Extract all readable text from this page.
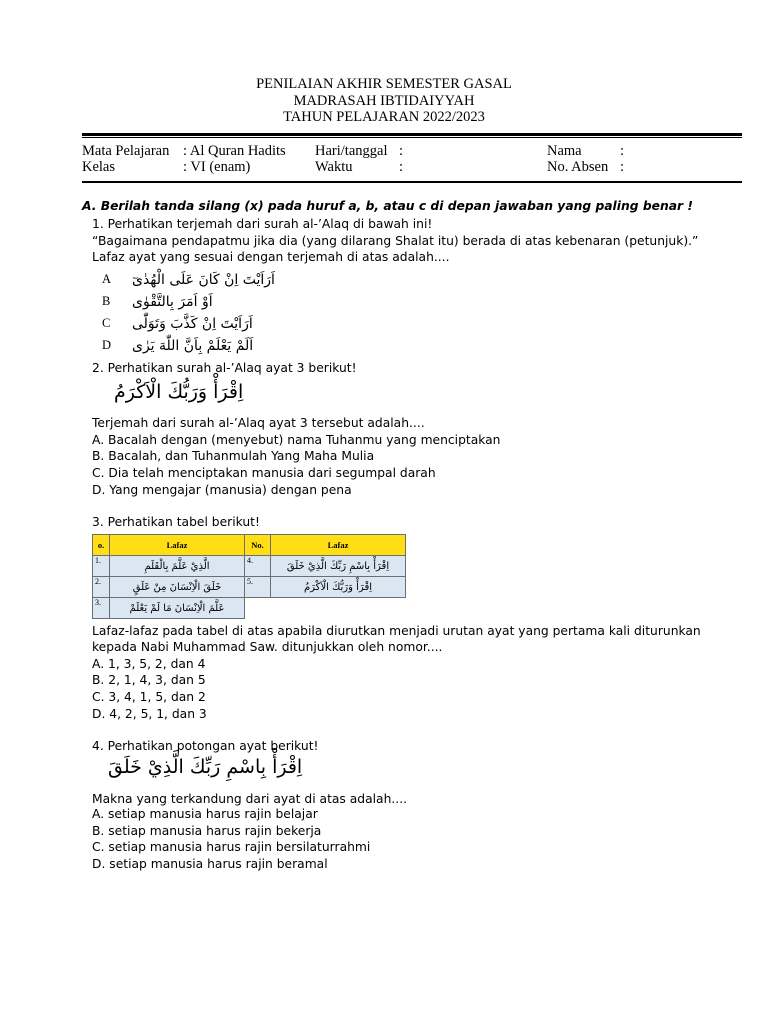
PENILAIAN AKHIR SEMESTER GASAL
MADRASAH IBTIDAIYYAH
TAHUN PELAJARAN 2022/2023
Mata Pelajaran : Al Quran Hadits Hari/tanggal :	Nama	:
Kelas	: VI (enam)	Waktu	:	No. Absen :
A. Berilah tanda silang (x) pada huruf a, b, atau c di depan jawaban yang paling benar !
1. Perhatikan terjemah dari surah al-’Alaq di bawah ini!
“Bagaimana pendapatmu jika dia (yang dilarang Shalat itu) berada di atas kebenaran (petunjuk).”
Lafaz ayat yang sesuai dengan terjemah di atas adalah....
A اَرَاَيْتَ اِنْ كَانَ عَلَى الْهُدٰىٓ
B اَوْ اَمَرَ بِالتَّقْوٰى
C اَرَاَيْتَ اِنْ كَذَّبَ وَتَوَلّٰى
D اَلَمْ يَعْلَمْ بِاَنَّ اللّٰهَ يَرٰى
2. Perhatikan surah al-’Alaq ayat 3 berikut!
اِقْرَأْ وَرَبُّكَ الْاَكْرَمُ
Terjemah dari surah al-’Alaq ayat 3 tersebut adalah....
A. Bacalah dengan (menyebut) nama Tuhanmu yang menciptakan
B. Bacalah, dan Tuhanmulah Yang Maha Mulia
C. Dia telah menciptakan manusia dari segumpal darah
D. Yang mengajar (manusia) dengan pena
3. Perhatikan tabel berikut!
o.	Lafaz	No.	Lafaz
1.	الَّذِيْ عَلَّمَ بِالْقَلَمِ	4.	اِقْرَأْ بِاسْمِ رَبِّكَ الَّذِيْ خَلَقَ
2.	خَلَقَ الْاِنْسَانَ مِنْ عَلَقٍ	5.	اِقْرَأْ وَرَبُّكَ الْاَكْرَمُ
3.	عَلَّمَ الْاِنْسَانَ مَا لَمْ يَعْلَمْ		
Lafaz-lafaz pada tabel di atas apabila diurutkan menjadi urutan ayat yang pertama kali diturunkan
kepada Nabi Muhammad Saw. ditunjukkan oleh nomor....
A. 1, 3, 5, 2, dan 4
B. 2, 1, 4, 3, dan 5
C. 3, 4, 1, 5, dan 2
D. 4, 2, 5, 1, dan 3
4. Perhatikan potongan ayat berikut!
اِقْرَأْ بِاسْمِ رَبِّكَ الَّذِيْ خَلَقَ
Makna yang terkandung dari ayat di atas adalah....
A. setiap manusia harus rajin belajar
B. setiap manusia harus rajin bekerja
C. setiap manusia harus rajin bersilaturrahmi
D. setiap manusia harus rajin beramal
